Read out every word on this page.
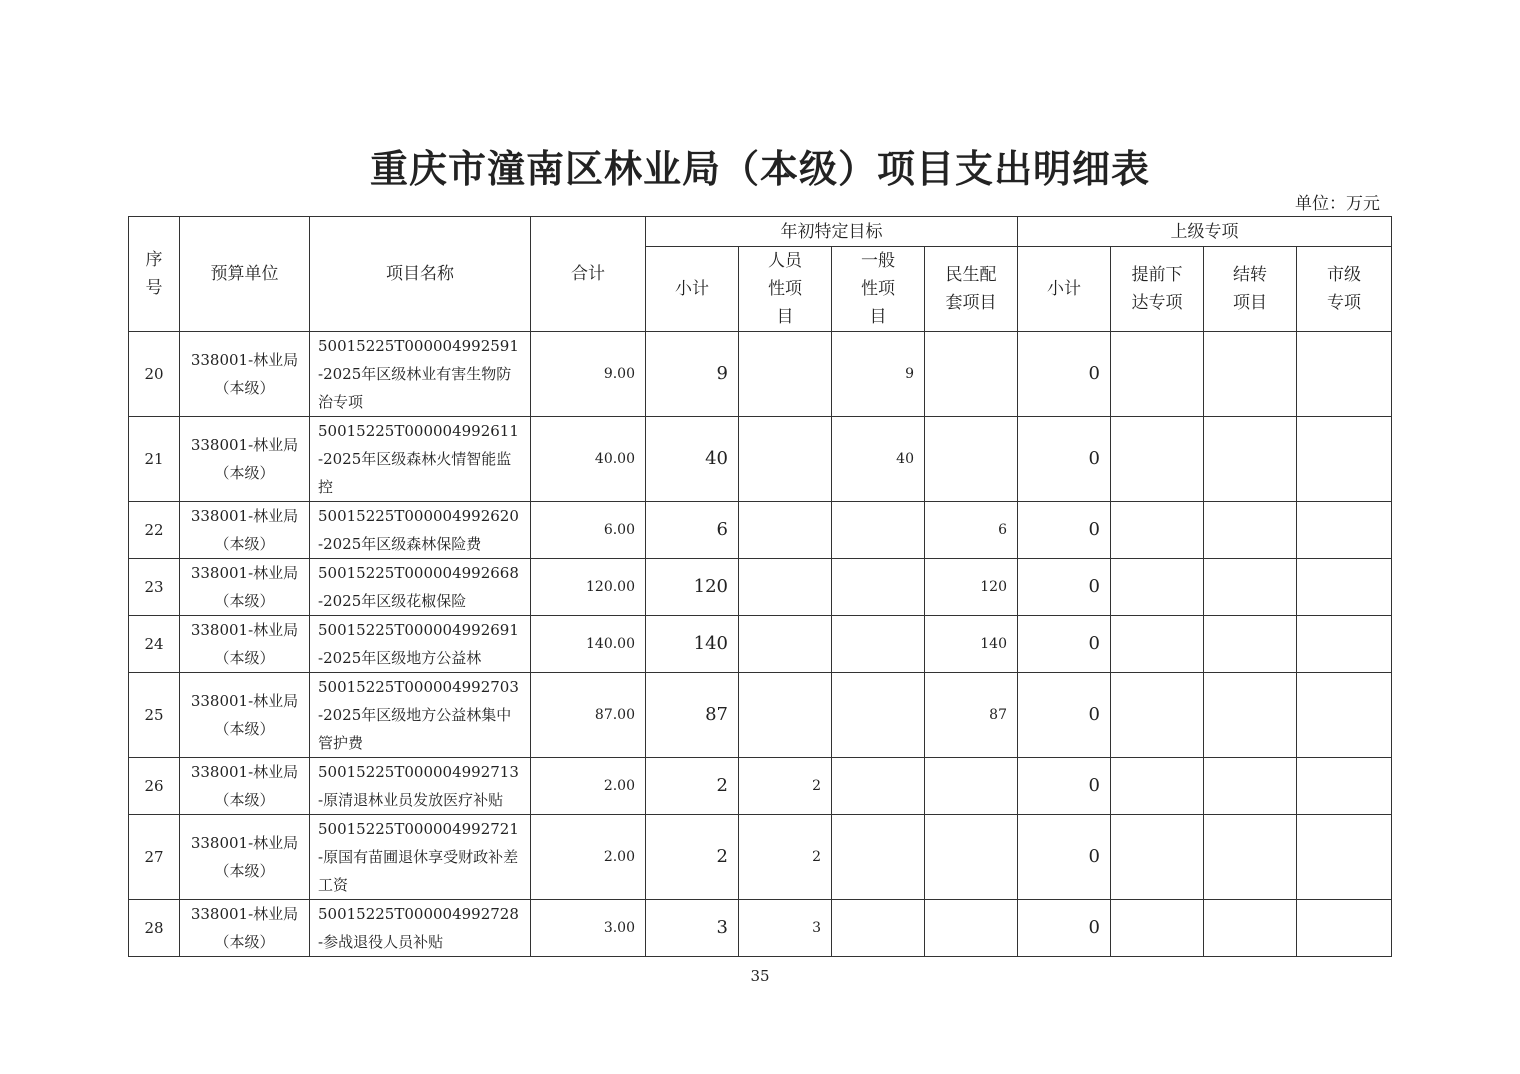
重庆市潼南区林业局（本级）项目支出明细表
单位：万元
序号	预算单位	项目名称	合计	年初特定目标				上级专项			
				小计	人员性项目	一般性项目	民生配套项目	小计	提前下达专项	结转项目	市级专项
20	338001-林业局（本级）	50015225T000004992591-2025年区级林业有害生物防治专项	9.00	9		9		0			
21	338001-林业局（本级）	50015225T000004992611-2025年区级森林火情智能监控	40.00	40		40		0			
22	338001-林业局（本级）	50015225T000004992620-2025年区级森林保险费	6.00	6			6	0			
23	338001-林业局（本级）	50015225T000004992668-2025年区级花椒保险	120.00	120			120	0			
24	338001-林业局（本级）	50015225T000004992691-2025年区级地方公益林	140.00	140			140	0			
25	338001-林业局（本级）	50015225T000004992703-2025年区级地方公益林集中管护费	87.00	87			87	0			
26	338001-林业局（本级）	50015225T000004992713-原清退林业员发放医疗补贴	2.00	2	2			0			
27	338001-林业局（本级）	50015225T000004992721-原国有苗圃退休享受财政补差工资	2.00	2	2			0			
28	338001-林业局（本级）	50015225T000004992728-参战退役人员补贴	3.00	3	3			0			
35
